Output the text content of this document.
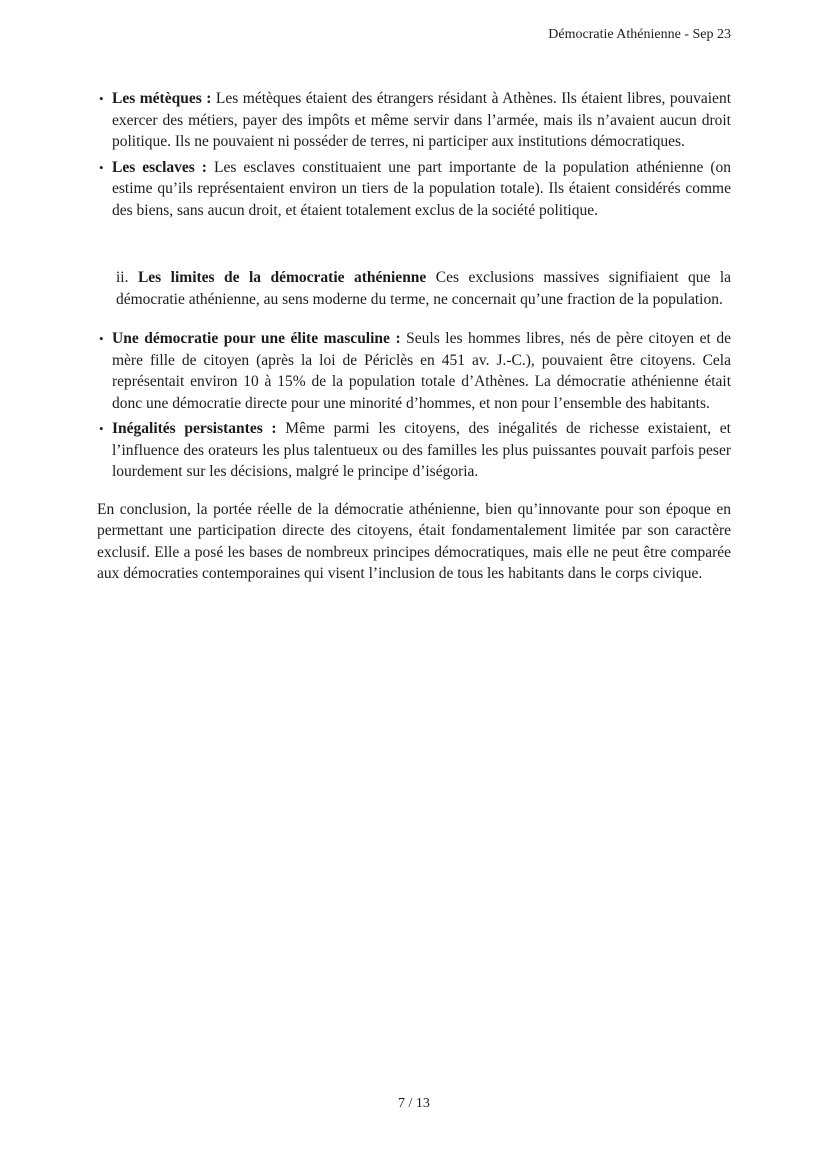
Démocratie Athénienne - Sep 23
• Les métèques : Les métèques étaient des étrangers résidant à Athènes. Ils étaient libres, pouvaient exercer des métiers, payer des impôts et même servir dans l’armée, mais ils n’avaient aucun droit politique. Ils ne pouvaient ni posséder de terres, ni participer aux institutions démocratiques.

• Les esclaves : Les esclaves constituaient une part importante de la population athénienne (on estime qu’ils représentaient environ un tiers de la population totale). Ils étaient considérés comme des biens, sans aucun droit, et étaient totalement exclus de la société politique.

ii. Les limites de la démocratie athénienne Ces exclusions massives signifiaient que la démocratie athénienne, au sens moderne du terme, ne concernait qu’une fraction de la population.

• Une démocratie pour une élite masculine : Seuls les hommes libres, nés de père citoyen et de mère fille de citoyen (après la loi de Périclès en 451 av. J.-C.), pouvaient être citoyens. Cela représentait environ 10 à 15% de la population totale d’Athènes. La démocratie athénienne était donc une démocratie directe pour une minorité d’hommes, et non pour l’ensemble des habitants.

• Inégalités persistantes : Même parmi les citoyens, des inégalités de richesse existaient, et l’influence des orateurs les plus talentueux ou des familles les plus puissantes pouvait parfois peser lourdement sur les décisions, malgré le principe d’iségoria.

En conclusion, la portée réelle de la démocratie athénienne, bien qu’innovante pour son époque en permettant une participation directe des citoyens, était fondamentalement limitée par son caractère exclusif. Elle a posé les bases de nombreux principes démocratiques, mais elle ne peut être comparée aux démocraties contemporaines qui visent l’inclusion de tous les habitants dans le corps civique.

7 / 13
